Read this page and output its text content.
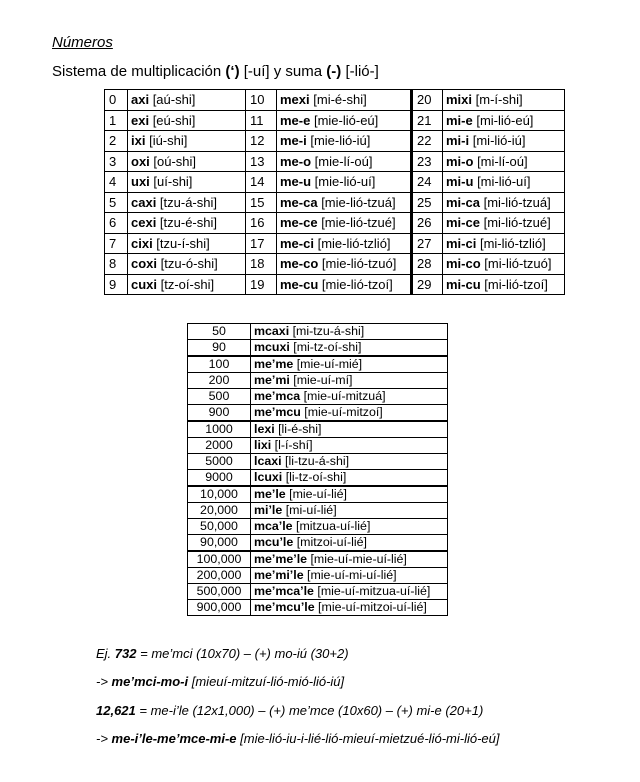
Números
Sistema de multiplicación (‘) [-uí] y suma (-) [-lió-]
0	axi [aú-shi]	10	mexi [mi-é-shi]	20	mixi [m-í-shi]
1	exi [eú-shi]	11	me-e [mie-lió-eú]	21	mi-e [mi-lió-eú]
2	ixi [iú-shi]	12	me-i [mie-lió-iú]	22	mi-i [mi-lió-iú]
3	oxi [oú-shi]	13	me-o [mie-lí-oú]	23	mi-o [mi-lí-oú]
4	uxi [uí-shi]	14	me-u [mie-lió-uí]	24	mi-u [mi-lió-uí]
5	caxi [tzu-á-shi]	15	me-ca [mie-lió-tzuá]	25	mi-ca [mi-lió-tzuá]
6	cexi [tzu-é-shi]	16	me-ce [mie-lió-tzué]	26	mi-ce [mi-lió-tzué]
7	cixi [tzu-í-shi]	17	me-ci [mie-lió-tzlió]	27	mi-ci [mi-lió-tzlió]
8	coxi [tzu-ó-shi]	18	me-co [mie-lió-tzuó]	28	mi-co [mi-lió-tzuó]
9	cuxi [tz-oí-shi]	19	me-cu [mie-lió-tzoí]	29	mi-cu [mi-lió-tzoí]
50	mcaxi [mi-tzu-á-shi]
90	mcuxi [mi-tz-oí-shi]
100	me’me [mie-uí-mié]
200	me’mi [mie-uí-mí]
500	me’mca [mie-uí-mitzuá]
900	me’mcu [mie-uí-mitzoí]
1000	lexi [li-é-shi]
2000	lixi [l-í-shí]
5000	lcaxi [li-tzu-á-shi]
9000	lcuxi [li-tz-oí-shi]
10,000	me’le [mie-uí-lié]
20,000	mi’le [mi-uí-lié]
50,000	mca’le [mitzua-uí-lié]
90,000	mcu’le [mitzoi-uí-lié]
100,000	me’me’le [mie-uí-mie-uí-lié]
200,000	me’mi’le [mie-uí-mi-uí-lié]
500,000	me’mca’le [mie-uí-mitzua-uí-lié]
900,000	me’mcu’le [mie-uí-mitzoi-uí-lié]
Ej. 732 = me’mci (10x70) – (+) mo-iú (30+2)
-> me’mci-mo-i [mieuí-mitzuí-lió-mió-lió-iú]
12,621 = me-i’le (12x1,000) – (+) me’mce (10x60) – (+) mi-e (20+1)
-> me-i’le-me’mce-mi-e [mie-lió-iu-i-lié-lió-mieuí-mietzué-lió-mi-lió-eú]
